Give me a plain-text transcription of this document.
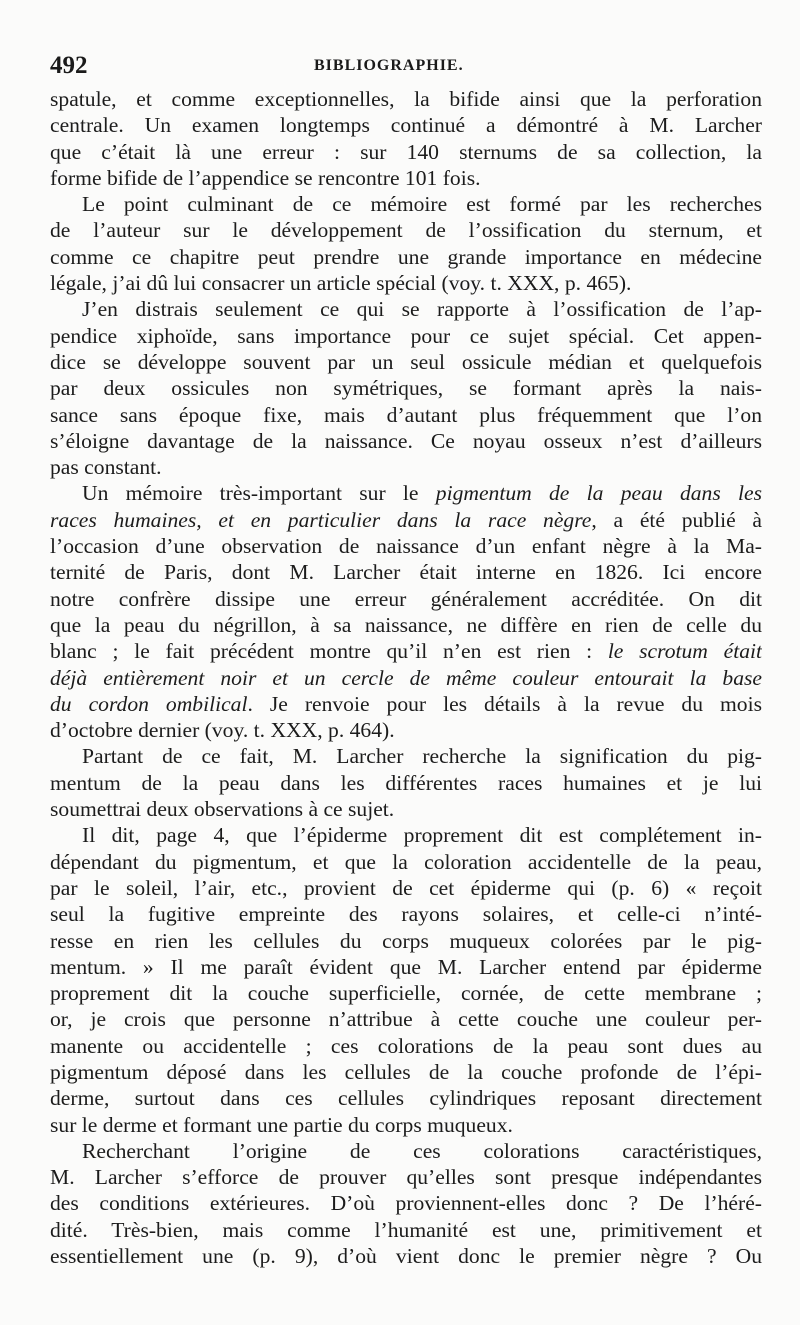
492	BIBLIOGRAPHIE.
spatule, et comme exceptionnelles, la bifide ainsi que la perforation
centrale. Un examen longtemps continué a démontré à M. Larcher
que c’était là une erreur : sur 140 sternums de sa collection, la
forme bifide de l’appendice se rencontre 101 fois.
Le point culminant de ce mémoire est formé par les recherches
de l’auteur sur le développement de l’ossification du sternum, et
comme ce chapitre peut prendre une grande importance en médecine
légale, j’ai dû lui consacrer un article spécial (voy. t. XXX, p. 465).
J’en distrais seulement ce qui se rapporte à l’ossification de l’ap-
pendice xiphoïde, sans importance pour ce sujet spécial. Cet appen-
dice se développe souvent par un seul ossicule médian et quelquefois
par deux ossicules non symétriques, se formant après la nais-
sance sans époque fixe, mais d’autant plus fréquemment que l’on
s’éloigne davantage de la naissance. Ce noyau osseux n’est d’ailleurs
pas constant.
Un mémoire très-important sur le pigmentum de la peau dans les
races humaines, et en particulier dans la race nègre, a été publié à
l’occasion d’une observation de naissance d’un enfant nègre à la Ma-
ternité de Paris, dont M. Larcher était interne en 1826. Ici encore
notre confrère dissipe une erreur généralement accréditée. On dit
que la peau du négrillon, à sa naissance, ne diffère en rien de celle du
blanc ; le fait précédent montre qu’il n’en est rien : le scrotum était
déjà entièrement noir et un cercle de même couleur entourait la base
du cordon ombilical. Je renvoie pour les détails à la revue du mois
d’octobre dernier (voy. t. XXX, p. 464).
Partant de ce fait, M. Larcher recherche la signification du pig-
mentum de la peau dans les différentes races humaines et je lui
soumettrai deux observations à ce sujet.
Il dit, page 4, que l’épiderme proprement dit est complétement in-
dépendant du pigmentum, et que la coloration accidentelle de la peau,
par le soleil, l’air, etc., provient de cet épiderme qui (p. 6) « reçoit
seul la fugitive empreinte des rayons solaires, et celle-ci n’inté-
resse en rien les cellules du corps muqueux colorées par le pig-
mentum. » Il me paraît évident que M. Larcher entend par épiderme
proprement dit la couche superficielle, cornée, de cette membrane ;
or, je crois que personne n’attribue à cette couche une couleur per-
manente ou accidentelle ; ces colorations de la peau sont dues au
pigmentum déposé dans les cellules de la couche profonde de l’épi-
derme, surtout dans ces cellules cylindriques reposant directement
sur le derme et formant une partie du corps muqueux.
Recherchant l’origine de ces colorations caractéristiques,
M. Larcher s’efforce de prouver qu’elles sont presque indépendantes
des conditions extérieures. D’où proviennent-elles donc ? De l’héré-
dité. Très-bien, mais comme l’humanité est une, primitivement et
essentiellement une (p. 9), d’où vient donc le premier nègre ? Ou
